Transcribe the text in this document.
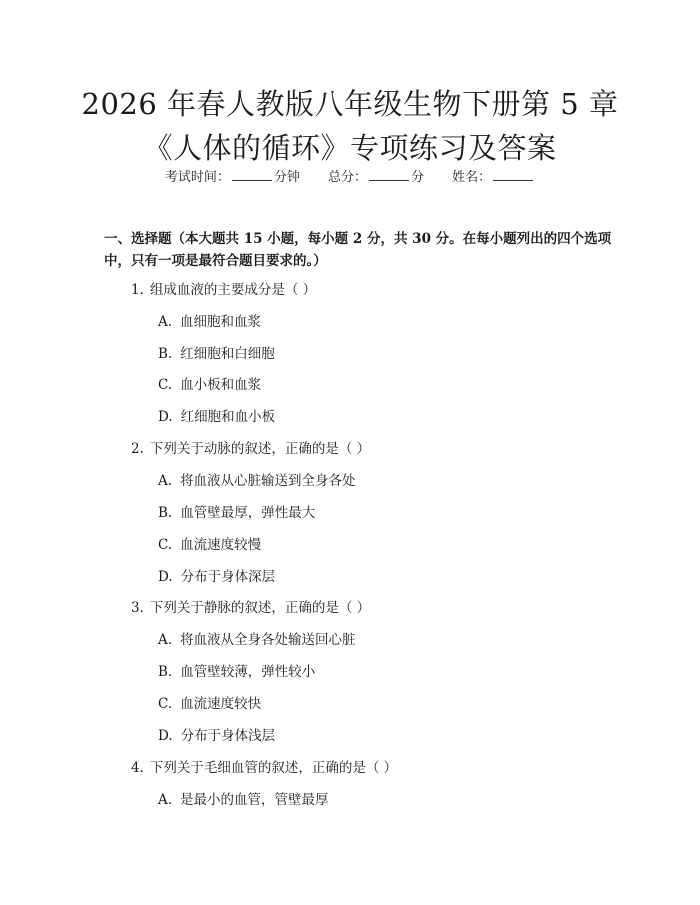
2026 年春人教版八年级生物下册第 5 章《人体的循环》专项练习及答案
考试时间：	分钟 总分：	分 姓名：

一、选择题（本大题共 15 小题，每小题 2 分，共 30 分。在每小题列出的四个选项中，只有一项是最符合题目要求的。）

1. 组成血液的主要成分是（ ）
A. 血细胞和血浆
B. 红细胞和白细胞
C. 血小板和血浆
D. 红细胞和血小板
2. 下列关于动脉的叙述，正确的是（ ）
A. 将血液从心脏输送到全身各处
B. 血管壁最厚，弹性最大
C. 血流速度较慢
D. 分布于身体深层
3. 下列关于静脉的叙述，正确的是（ ）
A. 将血液从全身各处输送回心脏
B. 血管壁较薄，弹性较小
C. 血流速度较快
D. 分布于身体浅层
4. 下列关于毛细血管的叙述，正确的是（ ）
A. 是最小的血管，管壁最厚
